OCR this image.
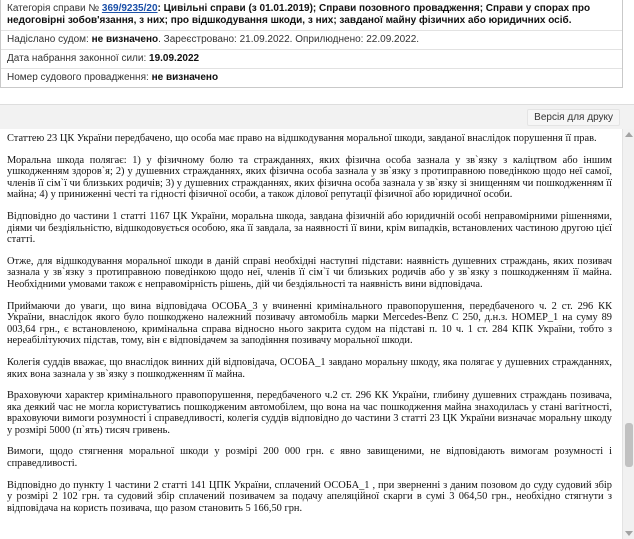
Категорія справи № 369/9235/20: Цивільні справи (з 01.01.2019); Справи позовного провадження; Справи у спорах про недоговірні зобов'язання, з них; про відшкодування шкоди, з них; завданої майну фізичних або юридичних осіб.
Надіслано судом: не визначено. Зареєстровано: 21.09.2022. Оприлюднено: 22.09.2022.
Дата набрання законної сили: 19.09.2022
Номер судового провадження: не визначено
Версія для друку

Статтею 23 ЦК України передбачено, що особа має право на відшкодування моральної шкоди, завданої внаслідок порушення її прав.

Моральна шкода полягає: 1) у фізичному болю та стражданнях, яких фізична особа зазнала у зв`язку з каліцтвом або іншим ушкодженням здоров`я; 2) у душевних стражданнях, яких фізична особа зазнала у зв`язку з протиправною поведінкою щодо неї самої, членів її сім`ї чи близьких родичів; 3) у душевних стражданнях, яких фізична особа зазнала у зв`язку зі знищенням чи пошкодженням її майна; 4) у приниженні честі та гідності фізичної особи, а також ділової репутації фізичної або юридичної особи.

Відповідно до частини 1 статті 1167 ЦК України, моральна шкода, завдана фізичній або юридичній особі неправомірними рішеннями, діями чи бездіяльністю, відшкодовується особою, яка її завдала, за наявності її вини, крім випадків, встановлених частиною другою цієї статті.

Отже, для відшкодування моральної шкоди в даній справі необхідні наступні підстави: наявність душевних страждань, яких позивач зазнала у зв`язку з протиправною поведінкою щодо неї, членів її сім`ї чи близьких родичів або у зв`язку з пошкодженням її майна. Необхідними умовами також є неправомірність рішень, дій чи бездіяльності та наявність вини відповідача.

Приймаючи до уваги, що вина відповідача ОСОБА_3 у вчиненні кримінального правопорушення, передбаченого ч. 2 ст. 296 КК України, внаслідок якого було пошкоджено належний позивачу автомобіль марки Mercedes-Benz C 250, д.н.з. НОМЕР_1 на суму 89 003,64 грн., є встановленою, кримінальна справа відносно нього закрита судом на підставі п. 10 ч. 1 ст. 284 КПК України, тобто з нереабілітуючих підстав, тому, він є відповідачем за заподіяння позивачу моральної шкоди.

Колегія суддів вважає, що внаслідок винних дій відповідача, ОСОБА_1 завдано моральну шкоду, яка полягає у душевних стражданнях, яких вона зазнала у зв`язку з пошкодженням її майна.

Враховуючи характер кримінального правопорушення, передбаченого ч.2 ст. 296 КК України, глибину душевних страждань позивача, яка деякий час не могла користуватись пошкодженим автомобілем, що вона на час пошкодження майна знаходилась у стані вагітності, враховуючи вимоги розумності і справедливості, колегія суддів відповідно до частини 3 статті 23 ЦК України визначає моральну шкоду у розмірі 5000 (п`ять) тисяч гривень.

Вимоги, щодо стягнення моральної шкоди у розмірі 200 000 грн. є явно завищеними, не відповідають вимогам розумності і справедливості.

Відповідно до пункту 1 частини 2 статті 141 ЦПК України, сплачений ОСОБА_1 , при зверненні з даним позовом до суду судовий збір у розмірі 2 102 грн. та судовий збір сплачений позивачем за подачу апеляційної скарги в сумі 3 064,50 грн., необхідно стягнути з відповідача на користь позивача, що разом становить 5 166,50 грн.
